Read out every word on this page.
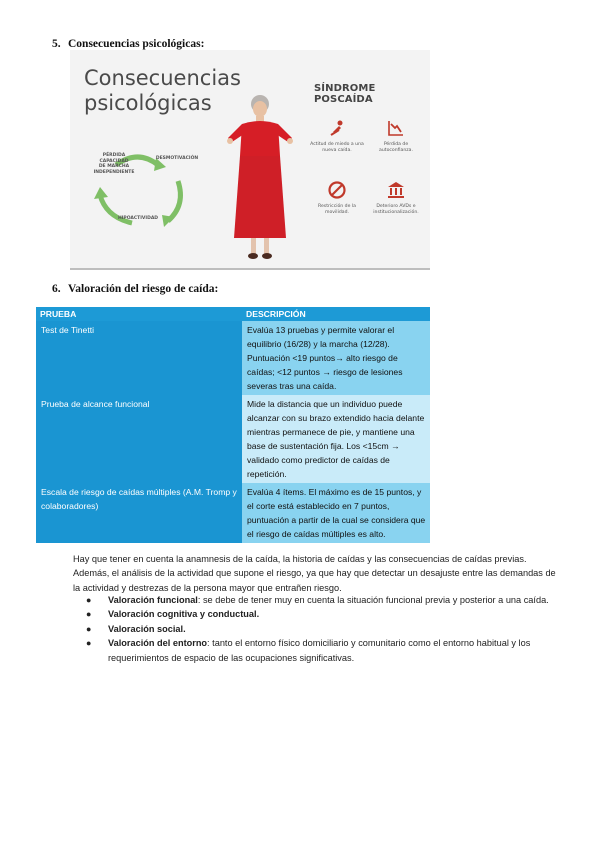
5. Consecuencias psicológicas:
Consecuencias
psicológicas
PÉRDIDA
CAPACIDAD
DE MARCHA
INDEPENDIENTE
DESMOTIVACIÓN
HIPOACTIVIDAD
SÍNDROME POSCAÍDA
Actitud de miedo a una nueva caída.
Pérdida de autoconfianza.
Restricción de la movilidad.
Deterioro AVDs e institucionalización.
6. Valoración del riesgo de caída:
PRUEBA	DESCRIPCIÓN
Test de Tinetti	Evalúa 13 pruebas y permite valorar el equilibrio (16/28) y la marcha (12/28). Puntuación <19 puntos→ alto riesgo de caídas; <12 puntos → riesgo de lesiones severas tras una caída.
Prueba de alcance funcional	Mide la distancia que un individuo puede alcanzar con su brazo extendido hacia delante mientras permanece de pie, y mantiene una base de sustentación fija. Los <15cm → validado como predictor de caídas de repetición.
Escala de riesgo de caídas múltiples (A.M. Tromp y colaboradores)	Evalúa 4 ítems. El máximo es de 15 puntos, y el corte está establecido en 7 puntos, puntuación a partir de la cual se considera que el riesgo de caídas múltiples es alto.
Hay que tener en cuenta la anamnesis de la caída, la historia de caídas y las consecuencias de caídas previas. Además, el análisis de la actividad que supone el riesgo, ya que hay que detectar un desajuste entre las demandas de la actividad y destrezas de la persona mayor que entrañen riesgo.
● Valoración funcional: se debe de tener muy en cuenta la situación funcional previa y posterior a una caída.
● Valoración cognitiva y conductual.
● Valoración social.
● Valoración del entorno: tanto el entorno físico domiciliario y comunitario como el entorno habitual y los requerimientos de espacio de las ocupaciones significativas.
